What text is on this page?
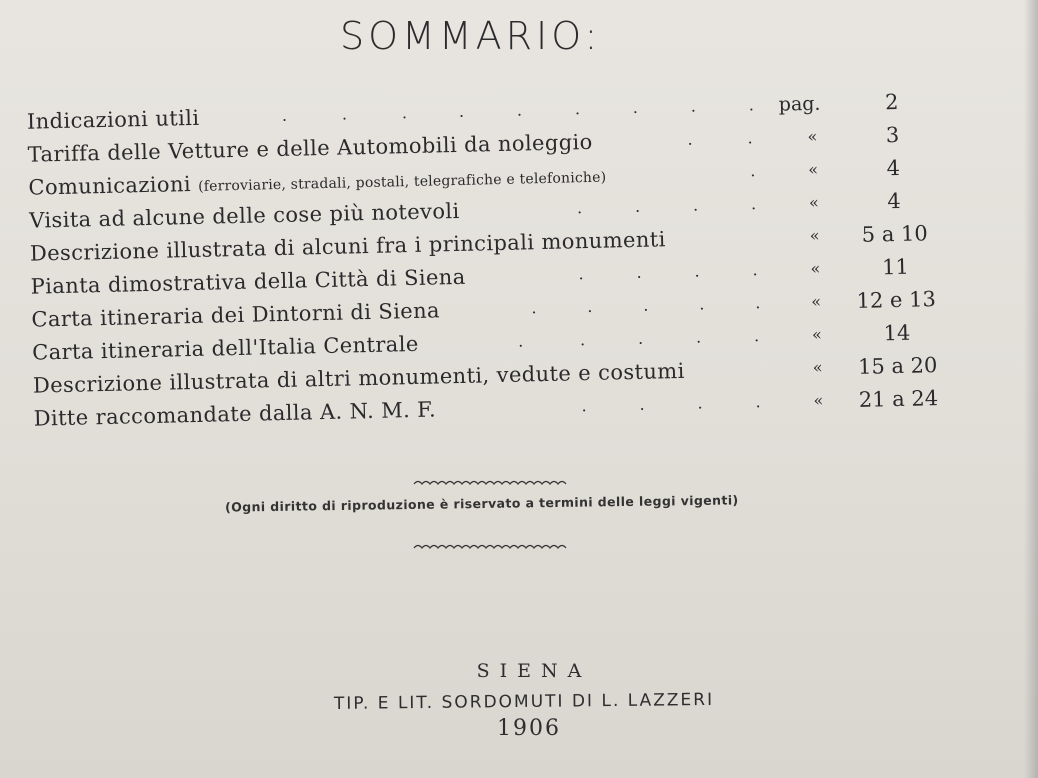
SOMMARIO:
Indicazioni utili	.	.	.	.	.	.	.	.	. pag.	2
Tariffa delle Vetture e delle Automobili da noleggio	.	.	«	3
Comunicazioni (ferroviarie, stradali, postali, telegrafiche e telefoniche)	.	«	4
Visita ad alcune delle cose più notevoli	.	.	.	.	«	4
Descrizione illustrata di alcuni fra i principali monumenti	«	5 a 10
Pianta dimostrativa della Città di Siena	.	.	.	.	«	11
Carta itineraria dei Dintorni di Siena	.	.	.	.	.	«	12 e 13
Carta itineraria dell'Italia Centrale	.	.	.	.	.	«	14
Descrizione illustrata di altri monumenti, vedute e costumi	«	15 a 20
Ditte raccomandate dalla A. N. M. F.	.	.	.	.	«	21 a 24
(Ogni diritto di riproduzione è riservato a termini delle leggi vigenti)
SIENA
TIP. E LIT. SORDOMUTI DI L. LAZZERI
1906
